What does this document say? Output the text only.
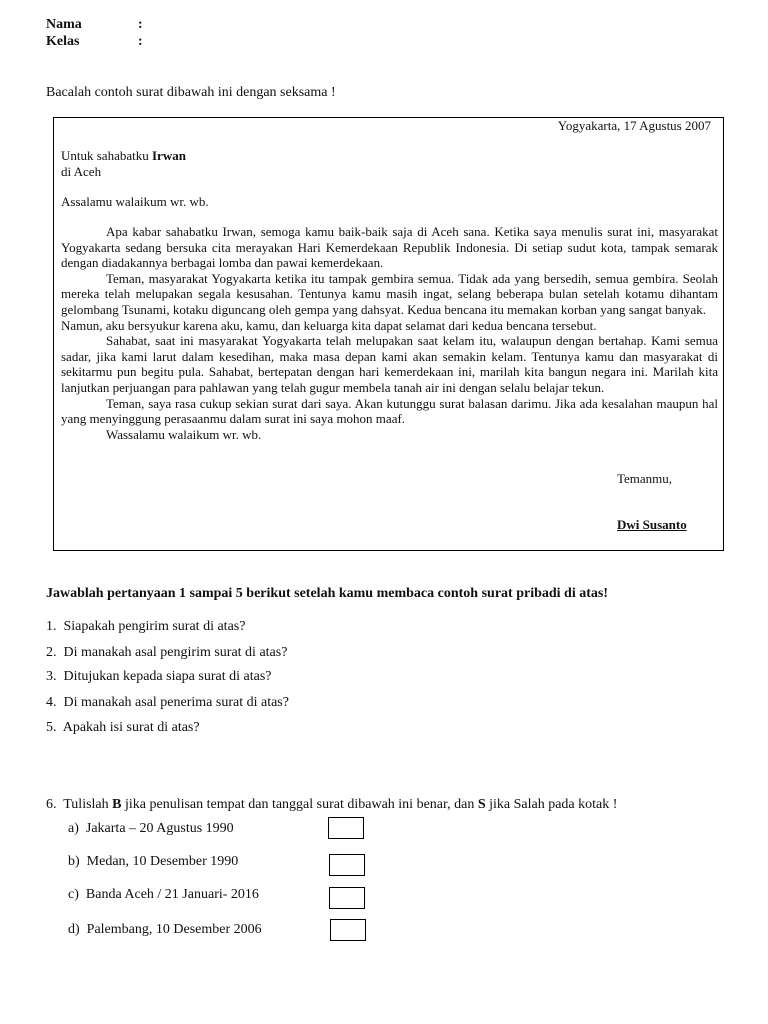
Nama	:
Kelas	:
Bacalah contoh surat dibawah ini dengan seksama !
Yogyakarta, 17 Agustus 2007
Untuk sahabatku Irwan
di Aceh
Assalamu walaikum wr. wb.

Apa kabar sahabatku Irwan, semoga kamu baik-baik saja di Aceh sana. Ketika saya menulis surat ini, masyarakat Yogyakarta sedang bersuka cita merayakan Hari Kemerdekaan Republik Indonesia. Di setiap sudut kota, tampak semarak dengan diadakannya berbagai lomba dan pawai kemerdekaan.

Teman, masyarakat Yogyakarta ketika itu tampak gembira semua. Tidak ada yang bersedih, semua gembira. Seolah mereka telah melupakan segala kesusahan. Tentunya kamu masih ingat, selang beberapa bulan setelah kotamu dihantam gelombang Tsunami, kotaku diguncang oleh gempa yang dahsyat. Kedua bencana itu memakan korban yang sangat banyak.

Namun, aku bersyukur karena aku, kamu, dan keluarga kita dapat selamat dari kedua bencana tersebut.

Sahabat, saat ini masyarakat Yogyakarta telah melupakan saat kelam itu, walaupun dengan bertahap. Kami semua sadar, jika kami larut dalam kesedihan, maka masa depan kami akan semakin kelam. Tentunya kamu dan masyarakat di sekitarmu pun begitu pula. Sahabat, bertepatan dengan hari kemerdekaan ini, marilah kita bangun negara ini. Marilah kita lanjutkan perjuangan para pahlawan yang telah gugur membela tanah air ini dengan selalu belajar tekun.

Teman, saya rasa cukup sekian surat dari saya. Akan kutunggu surat balasan darimu. Jika ada kesalahan maupun hal yang menyinggung perasaanmu dalam surat ini saya mohon maaf.

Wassalamu walaikum wr. wb.

Temanmu,
Dwi Susanto
Jawablah pertanyaan 1 sampai 5 berikut setelah kamu membaca contoh surat pribadi di atas!
1. Siapakah pengirim surat di atas?
2. Di manakah asal pengirim surat di atas?
3. Ditujukan kepada siapa surat di atas?
4. Di manakah asal penerima surat di atas?
5. Apakah isi surat di atas?
6. Tulislah B jika penulisan tempat dan tanggal surat dibawah ini benar, dan S jika Salah pada kotak !
a) Jakarta – 20 Agustus 1990
b) Medan, 10 Desember 1990
c) Banda Aceh / 21 Januari- 2016
d) Palembang, 10 Desember 2006
